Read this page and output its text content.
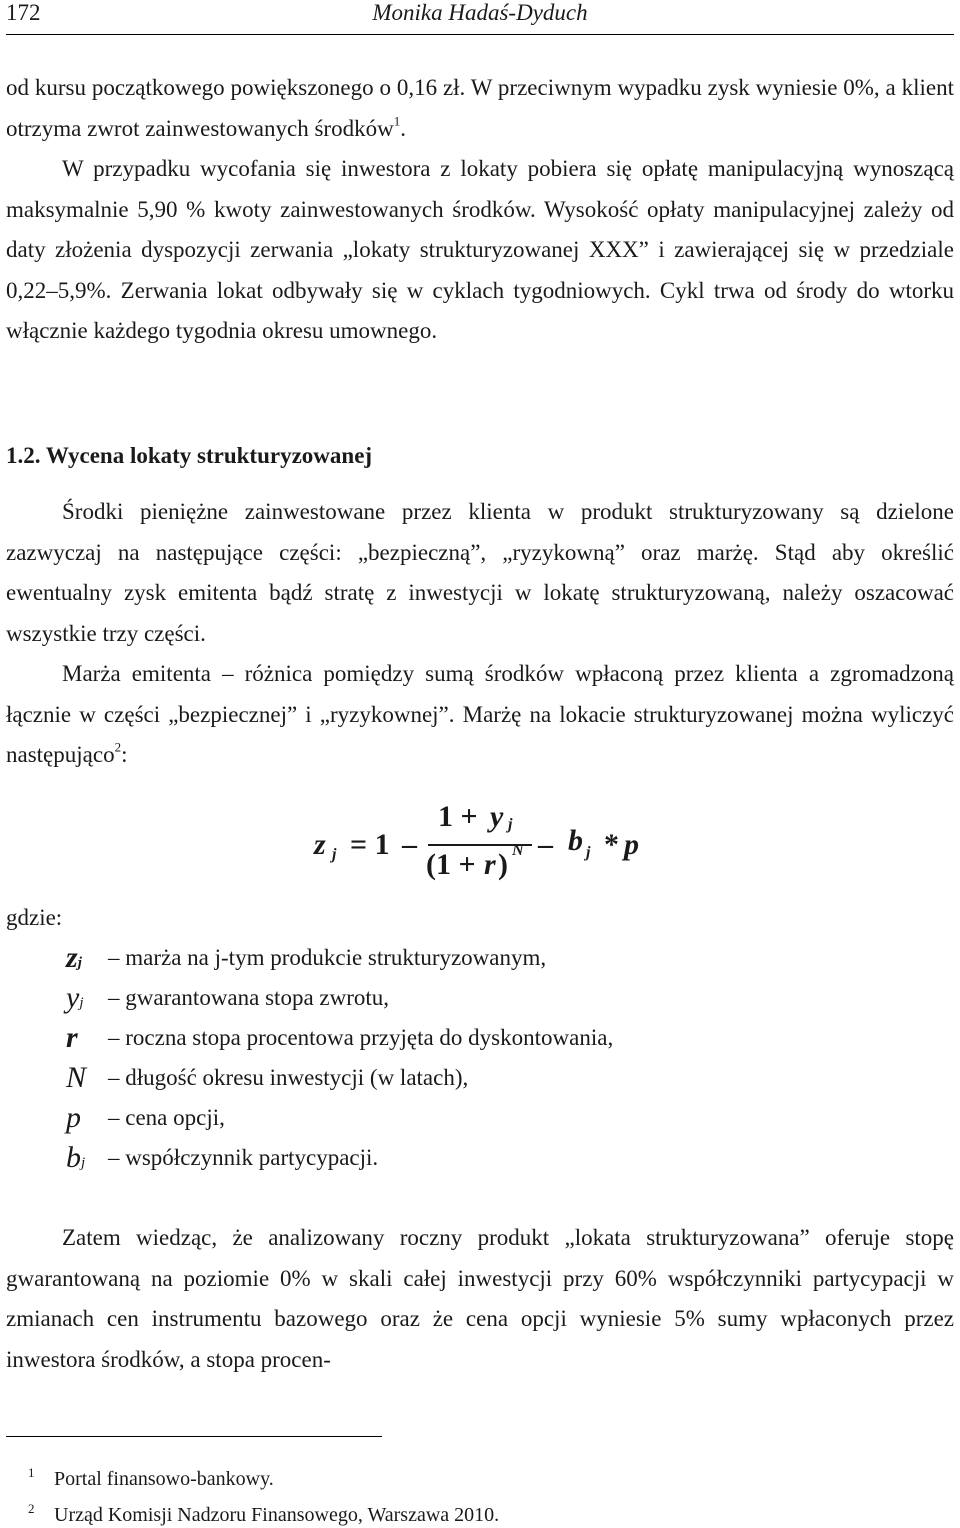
172	Monika Hadaś-Dyduch

od kursu początkowego powiększonego o 0,16 zł. W przeciwnym wypadku zysk wyniesie 0%, a klient otrzyma zwrot zainwestowanych środków$^1$.

W przypadku wycofania się inwestora z lokaty pobiera się opłatę manipulacyjną wynoszącą maksymalnie 5,90 % kwoty zainwestowanych środków. Wysokość opłaty manipulacyjnej zależy od daty złożenia dyspozycji zerwania „lokaty strukturyzowanej XXX” i zawierającej się w przedziale 0,22–5,9%. Zerwania lokat odbywały się w cyklach tygodniowych. Cykl trwa od środy do wtorku włącznie każdego tygodnia okresu umownego.

1.2. Wycena lokaty strukturyzowanej

Środki pieniężne zainwestowane przez klienta w produkt strukturyzowany są dzielone zazwyczaj na następujące części: „bezpieczną”, „ryzykowną” oraz marżę. Stąd aby określić ewentualny zysk emitenta bądź stratę z inwestycji w lokatę strukturyzowaną, należy oszacować wszystkie trzy części.

Marża emitenta – różnica pomiędzy sumą środków wpłaconą przez klienta a zgromadzoną łącznie w części „bezpiecznej” i „ryzykownej”. Marżę na lokacie strukturyzowanej można wyliczyć następująco$^2$:

z j = 1 –
1 + y j
(1 + r ) N – b j * p
gdzie:
zj	– marża na j-tym produkcie strukturyzowanym,
yj	– gwarantowana stopa zwrotu,
r	– roczna stopa procentowa przyjęta do dyskontowania,
N – długość okresu inwestycji (w latach),
p	– cena opcji,
bj – współczynnik partycypacji.

Zatem wiedząc, że analizowany roczny produkt „lokata strukturyzowana” oferuje stopę gwarantowaną na poziomie 0% w skali całej inwestycji przy 60% współczynniki partycypacji w zmianach cen instrumentu bazowego oraz że cena opcji wyniesie 5% sumy wpłaconych przez inwestora środków, a stopa procen-

1 Portal finansowo-bankowy.
2 Urząd Komisji Nadzoru Finansowego, Warszawa 2010.
